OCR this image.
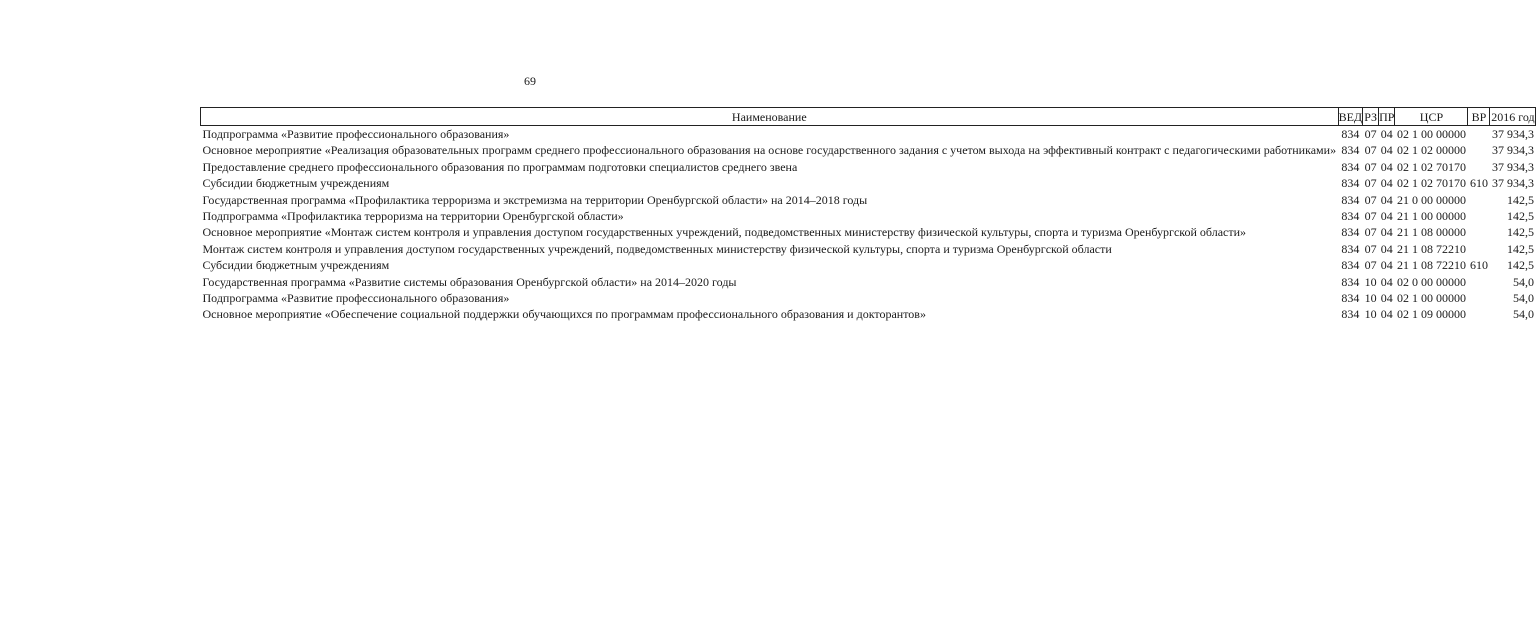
69
Наименование	ВЕД	РЗ	ПР	ЦСР	ВР	2016 год
Подпрограмма «Развитие профессионального образования»	834	07	04	02 1 00 00000		37 934,3
Основное мероприятие «Реализация образовательных программ среднего профессионального образования на основе государственного задания с учетом выхода на эффективный контракт с педагогическими работниками»	834	07	04	02 1 02 00000		37 934,3
Предоставление среднего профессионального образования по программам подготовки специалистов среднего звена	834	07	04	02 1 02 70170		37 934,3
Субсидии бюджетным учреждениям	834	07	04	02 1 02 70170	610	37 934,3
Государственная программа «Профилактика терроризма и экстремизма на территории Оренбургской области» на 2014–2018 годы	834	07	04	21 0 00 00000		142,5
Подпрограмма «Профилактика терроризма на территории Оренбургской области»	834	07	04	21 1 00 00000		142,5
Основное мероприятие «Монтаж систем контроля и управления доступом государственных учреждений, подведомственных министерству физической культуры, спорта и туризма Оренбургской области»	834	07	04	21 1 08 00000		142,5
Монтаж систем контроля и управления доступом государственных учреждений, подведомственных министерству физической культуры, спорта и туризма Оренбургской области	834	07	04	21 1 08 72210		142,5
Субсидии бюджетным учреждениям	834	07	04	21 1 08 72210	610	142,5
Государственная программа «Развитие системы образования Оренбургской области» на 2014–2020 годы	834	10	04	02 0 00 00000		54,0
Подпрограмма «Развитие профессионального образования»	834	10	04	02 1 00 00000		54,0
Основное мероприятие «Обеспечение социальной поддержки обучающихся по программам профессионального образования и докторантов»	834	10	04	02 1 09 00000		54,0
